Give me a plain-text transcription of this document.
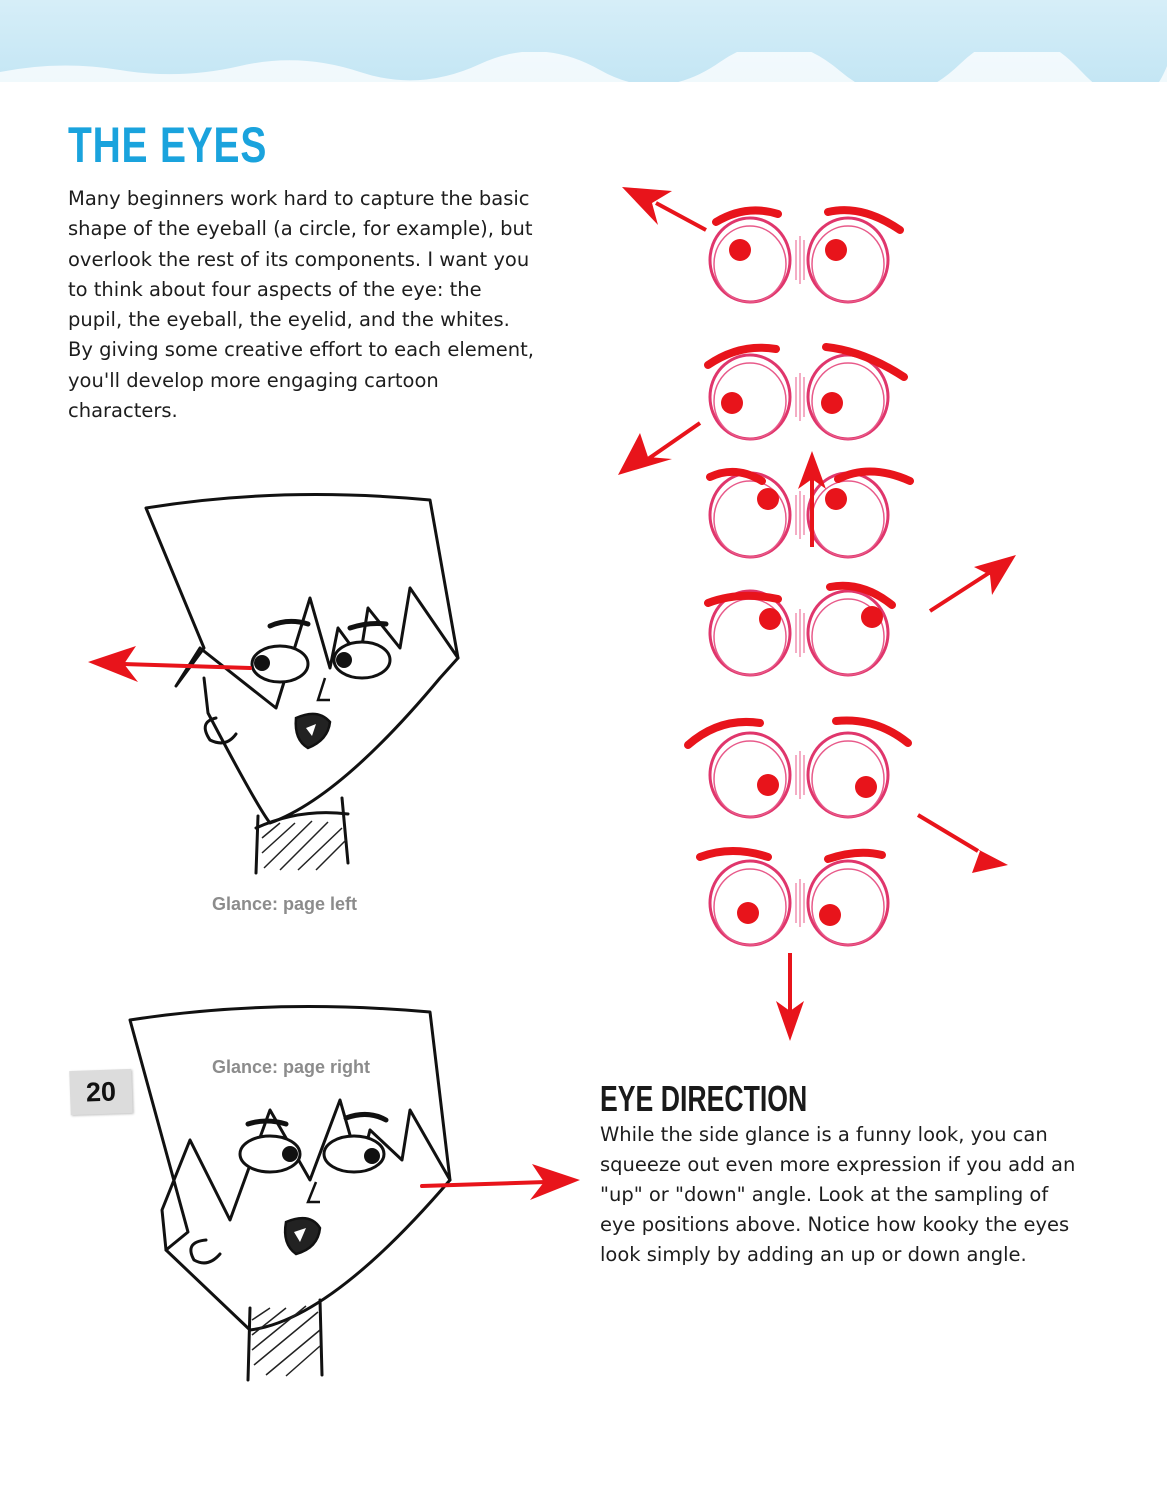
THE EYES

Many beginners work hard to capture the basic shape of the eyeball (a circle, for example), but overlook the rest of its components. I want you to think about four aspects of the eye: the pupil, the eyeball, the eyelid, and the whites. By giving some creative effort to each element, you'll develop more engaging cartoon characters.

Glance: page left
Glance: page right
EYE DIRECTION

While the side glance is a funny look, you can squeeze out even more expression if you add an "up" or "down" angle. Look at the sampling of eye positions above. Notice how kooky the eyes look simply by adding an up or down angle.

20
